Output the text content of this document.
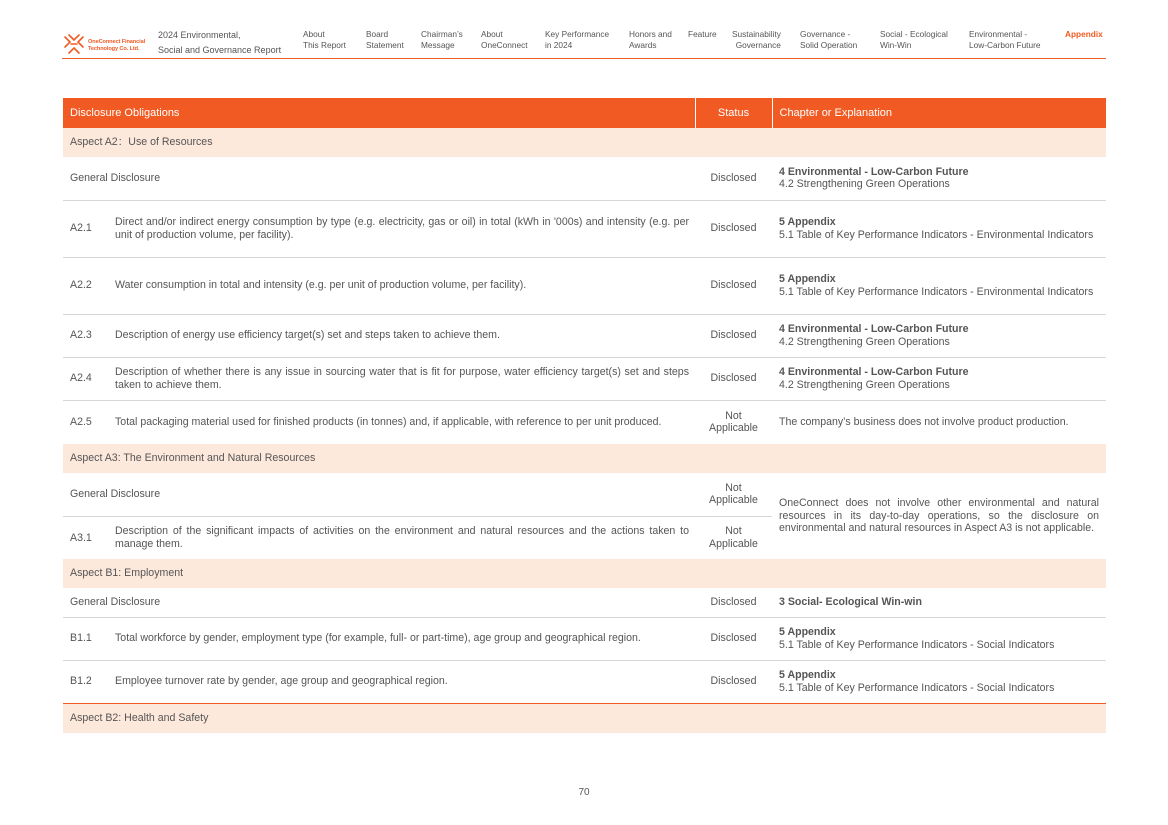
OneConnect Financial
Technology Co. Ltd.
2024 Environmental,
Social and Governance Report
About
This Report
Board
Statement
Chairman’s
Message
About
OneConnect
Key Performance
in 2024
Honors and
Awards
Feature Sustainability
Governance
Governance -
Solid Operation
Social - Ecological
Win-Win
Environmental -
Low-Carbon Future
Appendix
Disclosure Obligations		Status	Chapter or Explanation
Aspect A2：Use of Resources			
General Disclosure		Disclosed	4 Environmental - Low-Carbon Future
4.2 Strengthening Green Operations

A2.1	Direct and/or indirect energy consumption by type (e.g. electricity, gas or oil) in total (kWh in '000s) and intensity (e.g. per unit of production volume, per facility).	Disclosed	5 Appendix
5.1 Table of Key Performance Indicators - Environmental Indicators

A2.2	Water consumption in total and intensity (e.g. per unit of production volume, per facility).	Disclosed	5 Appendix
5.1 Table of Key Performance Indicators - Environmental Indicators

A2.3	Description of energy use efficiency target(s) set and steps taken to achieve them.	Disclosed	4 Environmental - Low-Carbon Future
4.2 Strengthening Green Operations

A2.4	Description of whether there is any issue in sourcing water that is fit for purpose, water efficiency target(s) set and steps taken to achieve them.	Disclosed	4 Environmental - Low-Carbon Future
4.2 Strengthening Green Operations

A2.5	Total packaging material used for finished products (in tonnes) and, if applicable, with reference to per unit produced.	Not
Applicable	The company’s business does not involve product production.
Aspect A3: The Environment and Natural Resources			
General Disclosure		Not
Applicable	OneConnect does not involve other environmental and natural resources in its day-to-day operations, so the disclosure on environmental and natural resources in Aspect A3 is not applicable.
A3.1	Description of the significant impacts of activities on the environment and natural resources and the actions taken to manage them.	Not
Applicable	

Aspect B1: Employment			
General Disclosure		Disclosed	3 Social- Ecological Win-win

B1.1	Total workforce by gender, employment type (for example, full- or part-time), age group and geographical region.	Disclosed	5 Appendix
5.1 Table of Key Performance Indicators - Social Indicators

B1.2	Employee turnover rate by gender, age group and geographical region.	Disclosed	5 Appendix
5.1 Table of Key Performance Indicators - Social Indicators

Aspect B2: Health and Safety			
70
